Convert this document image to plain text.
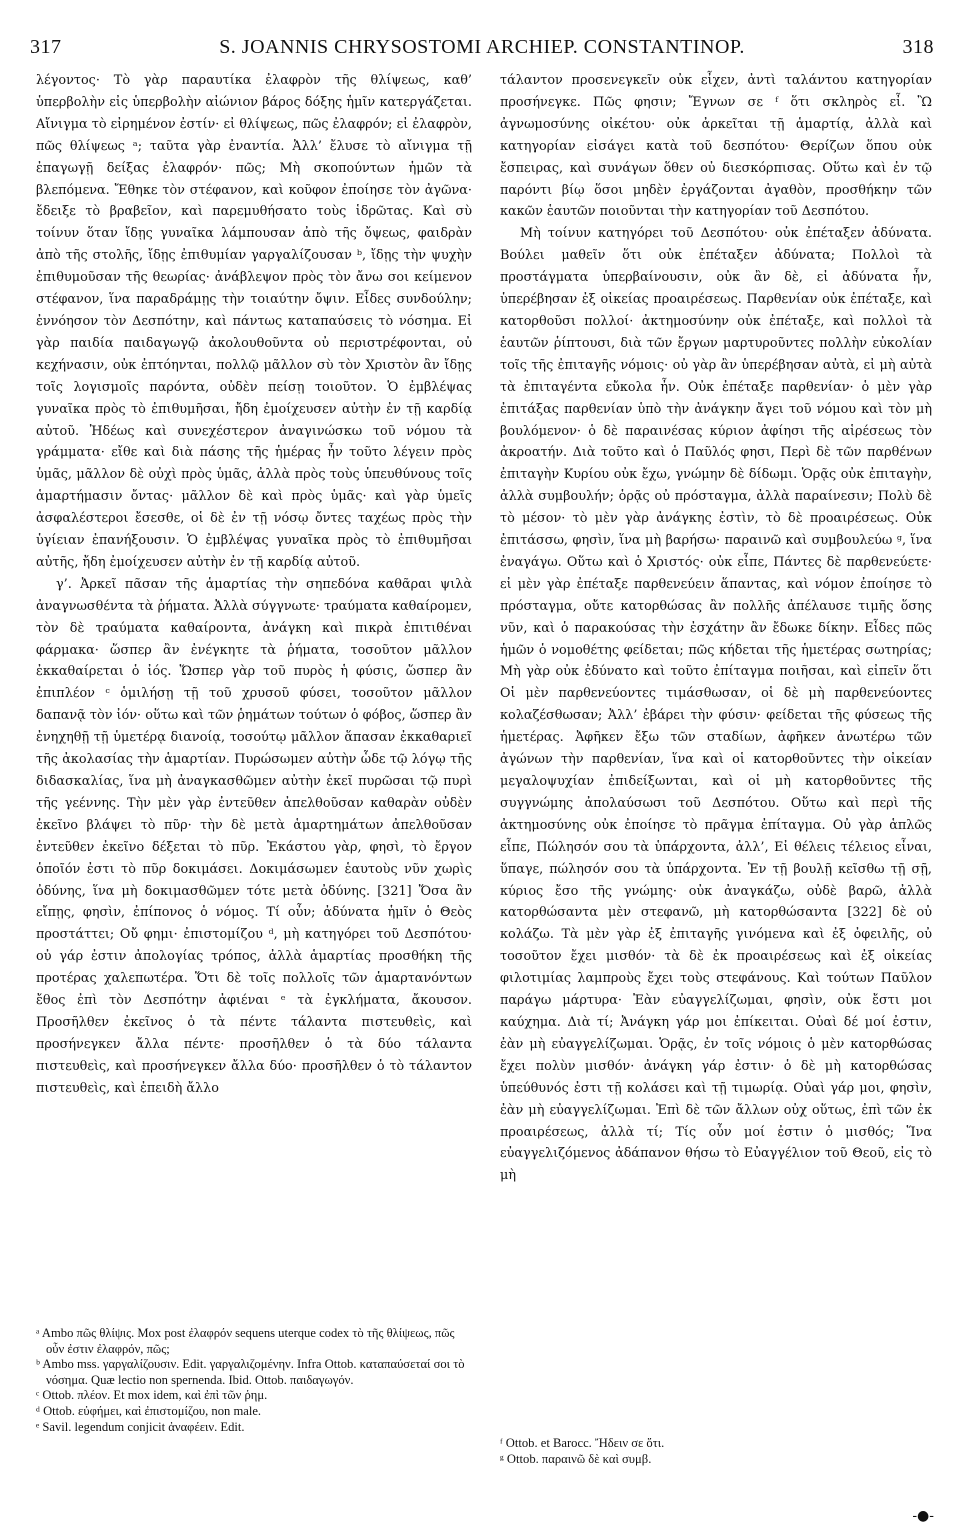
317	S. JOANNIS CHRYSOSTOMI ARCHIEP. CONSTANTINOP.	318

λέγοντος· Τὸ γὰρ παραυτίκα ἐλαφρὸν τῆς θλίψεως, καθ’ ὑπερβολὴν εἰς ὑπερβολὴν αἰώνιον βάρος δόξης ἡμῖν κατεργάζεται. Αἴνιγμα τὸ εἰρημένον ἐστίν· εἰ θλίψεως, πῶς ἐλαφρόν; εἰ ἐλαφρὸν, πῶς θλίψεως ᵃ; ταῦτα γὰρ ἐναντία. Ἀλλ’ ἔλυσε τὸ αἴνιγμα τῇ ἐπαγωγῇ δείξας ἐλαφρόν· πῶς; Μὴ σκοπούντων ἡμῶν τὰ βλεπόμενα. Ἔθηκε τὸν στέφανον, καὶ κοῦφον ἐποίησε τὸν ἀγῶνα· ἔδειξε τὸ βραβεῖον, καὶ παρεμυθήσατο τοὺς ἱδρῶτας. Καὶ σὺ τοίνυν ὅταν ἴδῃς γυναῖκα λάμπουσαν ἀπὸ τῆς ὄψεως, φαιδρὰν ἀπὸ τῆς στολῆς, ἴδῃς ἐπιθυμίαν γαργαλίζουσαν ᵇ, ἴδῃς τὴν ψυχὴν ἐπιθυμοῦσαν τῆς θεωρίας· ἀνάβλεψον πρὸς τὸν ἄνω σοι κείμενον στέφανον, ἵνα παραδράμῃς τὴν τοιαύτην ὄψιν. Εἶδες συνδούλην; ἐννόησον τὸν Δεσπότην, καὶ πάντως καταπαύσεις τὸ νόσημα. Εἰ γὰρ παιδία παιδαγωγῷ ἀκολουθοῦντα οὐ περιστρέφονται, οὐ κεχήνασιν, οὐκ ἐπτόηνται, πολλῷ μᾶλλον σὺ τὸν Χριστὸν ἂν ἴδῃς τοῖς λογισμοῖς παρόντα, οὐδὲν πείσῃ τοιοῦτον. Ὁ ἐμβλέψας γυναῖκα πρὸς τὸ ἐπιθυμῆσαι, ἤδη ἐμοίχευσεν αὐτὴν ἐν τῇ καρδίᾳ αὐτοῦ. Ἠδέως καὶ συνεχέστερον ἀναγινώσκω τοῦ νόμου τὰ γράμματα· εἴθε καὶ διὰ πάσης τῆς ἡμέρας ἦν τοῦτο λέγειν πρὸς ὑμᾶς, μᾶλλον δὲ οὐχὶ πρὸς ὑμᾶς, ἀλλὰ πρὸς τοὺς ὑπευθύνους τοῖς ἁμαρτήμασιν ὄντας· μᾶλλον δὲ καὶ πρὸς ὑμᾶς· καὶ γὰρ ὑμεῖς ἀσφαλέστεροι ἔσεσθε, οἱ δὲ ἐν τῇ νόσῳ ὄντες ταχέως πρὸς τὴν ὑγίειαν ἐπανήξουσιν. Ὁ ἐμβλέψας γυναῖκα πρὸς τὸ ἐπιθυμῆσαι αὐτῆς, ἤδη ἐμοίχευσεν αὐτὴν ἐν τῇ καρδίᾳ αὐτοῦ.

γ’. Ἀρκεῖ πᾶσαν τῆς ἁμαρτίας τὴν σηπεδόνα καθᾶραι ψιλὰ ἀναγνωσθέντα τὰ ῥήματα. Ἀλλὰ σύγγνωτε· τραύματα καθαίρομεν, τὸν δὲ τραύματα καθαίροντα, ἀνάγκη καὶ πικρὰ ἐπιτιθέναι φάρμακα· ὥσπερ ἂν ἐνέγκητε τὰ ῥήματα, τοσοῦτον μᾶλλον ἐκκαθαίρεται ὁ ἰός. Ὥσπερ γὰρ τοῦ πυρὸς ἡ φύσις, ὥσπερ ἂν ἐπιπλέον ᶜ ὁμιλήσῃ τῇ τοῦ χρυσοῦ φύσει, τοσοῦτον μᾶλλον δαπανᾷ τὸν ἰόν· οὕτω καὶ τῶν ῥημάτων τούτων ὁ φόβος, ὥσπερ ἂν ἐνηχηθῇ τῇ ὑμετέρᾳ διανοίᾳ, τοσούτῳ μᾶλλον ἅπασαν ἐκκαθαριεῖ τῆς ἀκολασίας τὴν ἁμαρτίαν. Πυρώσωμεν αὐτὴν ὧδε τῷ λόγῳ τῆς διδασκαλίας, ἵνα μὴ ἀναγκασθῶμεν αὐτὴν ἐκεῖ πυρῶσαι τῷ πυρὶ τῆς γεέννης. Τὴν μὲν γὰρ ἐντεῦθεν ἀπελθοῦσαν καθαρὰν οὐδὲν ἐκεῖνο βλάψει τὸ πῦρ· τὴν δὲ μετὰ ἁμαρτημάτων ἀπελθοῦσαν ἐντεῦθεν ἐκεῖνο δέξεται τὸ πῦρ. Ἑκάστου γὰρ, φησὶ, τὸ ἔργον ὁποῖόν ἐστι τὸ πῦρ δοκιμάσει. Δοκιμάσωμεν ἑαυτοὺς νῦν χωρὶς ὀδύνης, ἵνα μὴ δοκιμασθῶμεν τότε μετὰ ὀδύνης. [321] Ὅσα ἂν εἴπῃς, φησὶν, ἐπίπονος ὁ νόμος. Τί οὖν; ἀδύνατα ἡμῖν ὁ Θεὸς προστάττει; Οὔ φημι· ἐπιστομίζου ᵈ, μὴ κατηγόρει τοῦ Δεσπότου· οὐ γάρ ἐστιν ἀπολογίας τρόπος, ἀλλὰ ἁμαρτίας προσθήκη τῆς προτέρας χαλεπωτέρα. Ὅτι δὲ τοῖς πολλοῖς τῶν ἁμαρτανόντων ἔθος ἐπὶ τὸν Δεσπότην ἀφιέναι ᵉ τὰ ἐγκλήματα, ἄκουσον. Προσῆλθεν ἐκεῖνος ὁ τὰ πέντε τάλαντα πιστευθεὶς, καὶ προσήνεγκεν ἄλλα πέντε· προσῆλθεν ὁ τὰ δύο τάλαντα πιστευθεὶς, καὶ προσήνεγκεν ἄλλα δύο· προσῆλθεν ὁ τὸ τάλαντον πιστευθεὶς, καὶ ἐπειδὴ ἄλλο

τάλαντον προσενεγκεῖν οὐκ εἶχεν, ἀντὶ ταλάντου κατηγορίαν προσήνεγκε. Πῶς φησιν; Ἔγνων σε ᶠ ὅτι σκληρὸς εἶ. Ὢ ἀγνωμοσύνης οἰκέτου· οὐκ ἀρκεῖται τῇ ἁμαρτίᾳ, ἀλλὰ καὶ κατηγορίαν εἰσάγει κατὰ τοῦ δεσπότου· Θερίζων ὅπου οὐκ ἔσπειρας, καὶ συνάγων ὅθεν οὐ διεσκόρπισας. Οὕτω καὶ ἐν τῷ παρόντι βίῳ ὅσοι μηδὲν ἐργάζονται ἀγαθὸν, προσθήκην τῶν κακῶν ἑαυτῶν ποιοῦνται τὴν κατηγορίαν τοῦ Δεσπότου.

Μὴ τοίνυν κατηγόρει τοῦ Δεσπότου· οὐκ ἐπέταξεν ἀδύνατα. Βούλει μαθεῖν ὅτι οὐκ ἐπέταξεν ἀδύνατα; Πολλοὶ τὰ προστάγματα ὑπερβαίνουσιν, οὐκ ἂν δὲ, εἰ ἀδύνατα ἦν, ὑπερέβησαν ἐξ οἰκείας προαιρέσεως. Παρθενίαν οὐκ ἐπέταξε, καὶ κατορθοῦσι πολλοί· ἀκτημοσύνην οὐκ ἐπέταξε, καὶ πολλοὶ τὰ ἑαυτῶν ῥίπτουσι, διὰ τῶν ἔργων μαρτυροῦντες πολλὴν εὐκολίαν τοῖς τῆς ἐπιταγῆς νόμοις· οὐ γὰρ ἂν ὑπερέβησαν αὐτὰ, εἰ μὴ αὐτὰ τὰ ἐπιταγέντα εὔκολα ἦν. Οὐκ ἐπέταξε παρθενίαν· ὁ μὲν γὰρ ἐπιτάξας παρθενίαν ὑπὸ τὴν ἀνάγκην ἄγει τοῦ νόμου καὶ τὸν μὴ βουλόμενον· ὁ δὲ παραινέσας κύριον ἀφίησι τῆς αἱρέσεως τὸν ἀκροατήν. Διὰ τοῦτο καὶ ὁ Παῦλός φησι, Περὶ δὲ τῶν παρθένων ἐπιταγὴν Κυρίου οὐκ ἔχω, γνώμην δὲ δίδωμι. Ὁρᾷς οὐκ ἐπιταγὴν, ἀλλὰ συμβουλήν; ὁρᾷς οὐ πρόσταγμα, ἀλλὰ παραίνεσιν; Πολὺ δὲ τὸ μέσον· τὸ μὲν γὰρ ἀνάγκης ἐστὶν, τὸ δὲ προαιρέσεως. Οὐκ ἐπιτάσσω, φησὶν, ἵνα μὴ βαρήσω· παραινῶ καὶ συμβουλεύω ᵍ, ἵνα ἐναγάγω. Οὕτω καὶ ὁ Χριστός· οὐκ εἶπε, Πάντες δὲ παρθενεύετε· εἰ μὲν γὰρ ἐπέταξε παρθενεύειν ἅπαντας, καὶ νόμον ἐποίησε τὸ πρόσταγμα, οὔτε κατορθώσας ἂν πολλῆς ἀπέλαυσε τιμῆς ὅσης νῦν, καὶ ὁ παρακούσας τὴν ἐσχάτην ἂν ἔδωκε δίκην. Εἶδες πῶς ἡμῶν ὁ νομοθέτης φείδεται; πῶς κήδεται τῆς ἡμετέρας σωτηρίας; Μὴ γὰρ οὐκ ἐδύνατο καὶ τοῦτο ἐπίταγμα ποιῆσαι, καὶ εἰπεῖν ὅτι Οἱ μὲν παρθενεύοντες τιμάσθωσαν, οἱ δὲ μὴ παρθενεύοντες κολαζέσθωσαν; Ἀλλ’ ἐβάρει τὴν φύσιν· φείδεται τῆς φύσεως τῆς ἡμετέρας. Ἀφῆκεν ἔξω τῶν σταδίων, ἀφῆκεν ἀνωτέρω τῶν ἀγώνων τὴν παρθενίαν, ἵνα καὶ οἱ κατορθοῦντες τὴν οἰκείαν μεγαλοψυχίαν ἐπιδείξωνται, καὶ οἱ μὴ κατορθοῦντες τῆς συγγνώμης ἀπολαύσωσι τοῦ Δεσπότου. Οὕτω καὶ περὶ τῆς ἀκτημοσύνης οὐκ ἐποίησε τὸ πρᾶγμα ἐπίταγμα. Οὐ γὰρ ἁπλῶς εἶπε, Πώλησόν σου τὰ ὑπάρχοντα, ἀλλ’, Εἰ θέλεις τέλειος εἶναι, ὕπαγε, πώλησόν σου τὰ ὑπάρχοντα. Ἐν τῇ βουλῇ κεῖσθω τῇ σῇ, κύριος ἔσο τῆς γνώμης· οὐκ ἀναγκάζω, οὐδὲ βαρῶ, ἀλλὰ κατορθώσαντα μὲν στεφανῶ, μὴ κατορθώσαντα [322] δὲ οὐ κολάζω. Τὰ μὲν γὰρ ἐξ ἐπιταγῆς γινόμενα καὶ ἐξ ὀφειλῆς, οὐ τοσοῦτον ἔχει μισθόν· τὰ δὲ ἐκ προαιρέσεως καὶ ἐξ οἰκείας φιλοτιμίας λαμπροὺς ἔχει τοὺς στεφάνους. Καὶ τούτων Παῦλον παράγω μάρτυρα· Ἐὰν εὐαγγελίζωμαι, φησὶν, οὐκ ἔστι μοι καύχημα. Διὰ τί; Ἀνάγκη γάρ μοι ἐπίκειται. Οὐαὶ δέ μοί ἐστιν, ἐὰν μὴ εὐαγγελίζωμαι. Ὁρᾷς, ἐν τοῖς νόμοις ὁ μὲν κατορθώσας ἔχει πολὺν μισθόν· ἀνάγκη γάρ ἐστιν· ὁ δὲ μὴ κατορθώσας ὑπεύθυνός ἐστι τῇ κολάσει καὶ τῇ τιμωρίᾳ. Οὐαὶ γάρ μοι, φησὶν, ἐὰν μὴ εὐαγγελίζωμαι. Ἐπὶ δὲ τῶν ἄλλων οὐχ οὕτως, ἐπὶ τῶν ἐκ προαιρέσεως, ἀλλὰ τί; Τίς οὖν μοί ἐστιν ὁ μισθός; Ἵνα εὐαγγελιζόμενος ἀδάπανον θήσω τὸ Εὐαγγέλιον τοῦ Θεοῦ, εἰς τὸ μὴ

ᵃ Ambo πῶς θλίψις. Mox post ἐλαφρόν sequens uterque codex τὸ τῆς θλίψεως, πῶς οὖν ἐστιν ἐλαφρόν, πῶς;
ᵇ Ambo mss. γαργαλίζουσιν. Edit. γαργαλιζομένην. Infra Ottob. καταπαύσεταί σοι τὸ νόσημα. Quæ lectio non spernenda. Ibid. Ottob. παιδαγωγόν.
ᶜ Ottob. πλέον. Et mox idem, καὶ ἐπὶ τῶν ῥημ.
ᵈ Ottob. εὐφήμει, καὶ ἐπιστομίζου, non male.
ᵉ Savil. legendum conjicit ἀναφέειν. Edit.
ᶠ Ottob. et Barocc. Ἤδειν σε ὅτι.
ᵍ Ottob. παραινῶ δὲ καὶ συμβ.
-●-
